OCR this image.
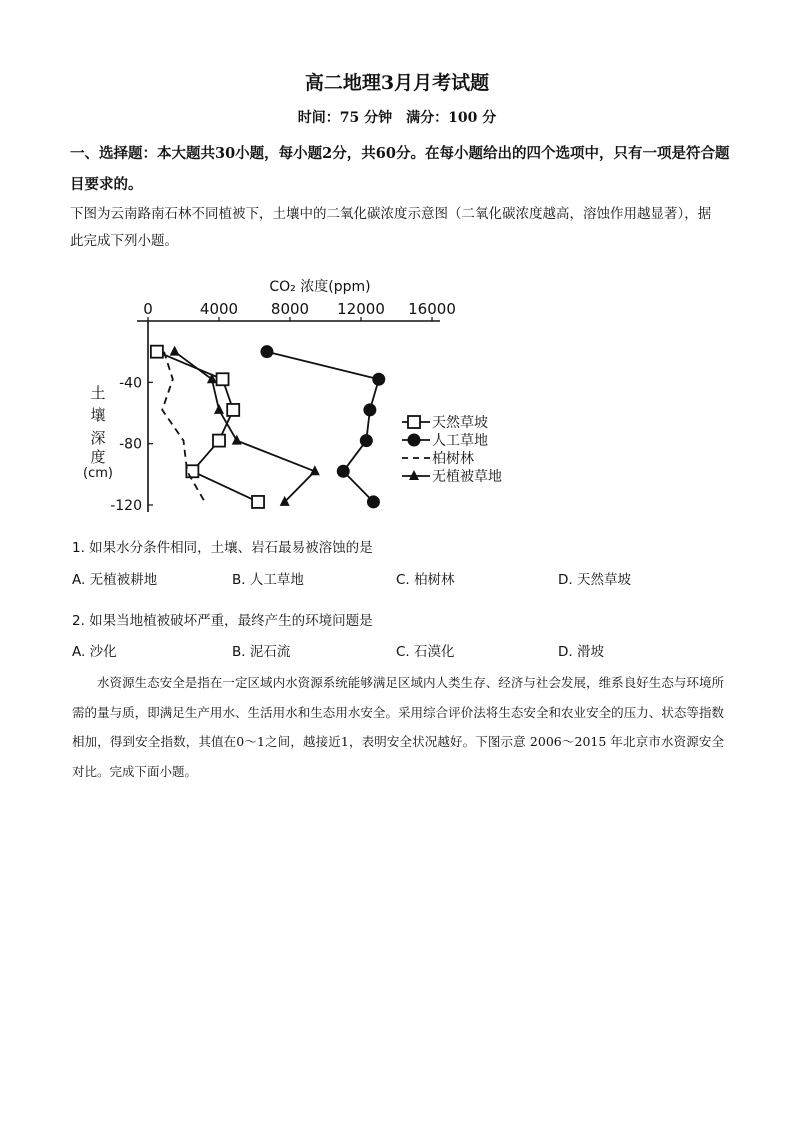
高二地理3月月考试题
时间：75 分钟　满分：100 分
一、选择题：本大题共30小题，每小题2分，共60分。在每小题给出的四个选项中，只有一项是符合题目要求的。
下图为云南路南石林不同植被下，土壤中的二氧化碳浓度示意图（二氧化碳浓度越高，溶蚀作用越显著），据此完成下列小题。
CO₂ 浓度(ppm)
0	4000 8000 12000 16000
-40
-80
-120
土
壤
深
度
(cm)
天然草坡
人工草地
柏树林
无植被草地
1. 如果水分条件相同，土壤、岩石最易被溶蚀的是
A. 无植被耕地	B. 人工草地	C. 柏树林	D. 天然草坡
2. 如果当地植被破坏严重，最终产生的环境问题是
A. 沙化	B. 泥石流	C. 石漠化	D. 滑坡
水资源生态安全是指在一定区域内水资源系统能够满足区域内人类生存、经济与社会发展，维系良好生态与环境所需的量与质，即满足生产用水、生活用水和生态用水安全。采用综合评价法将生态安全和农业安全的压力、状态等指数相加，得到安全指数，其值在0～1之间，越接近1，表明安全状况越好。下图示意 2006～2015 年北京市水资源安全对比。完成下面小题。
